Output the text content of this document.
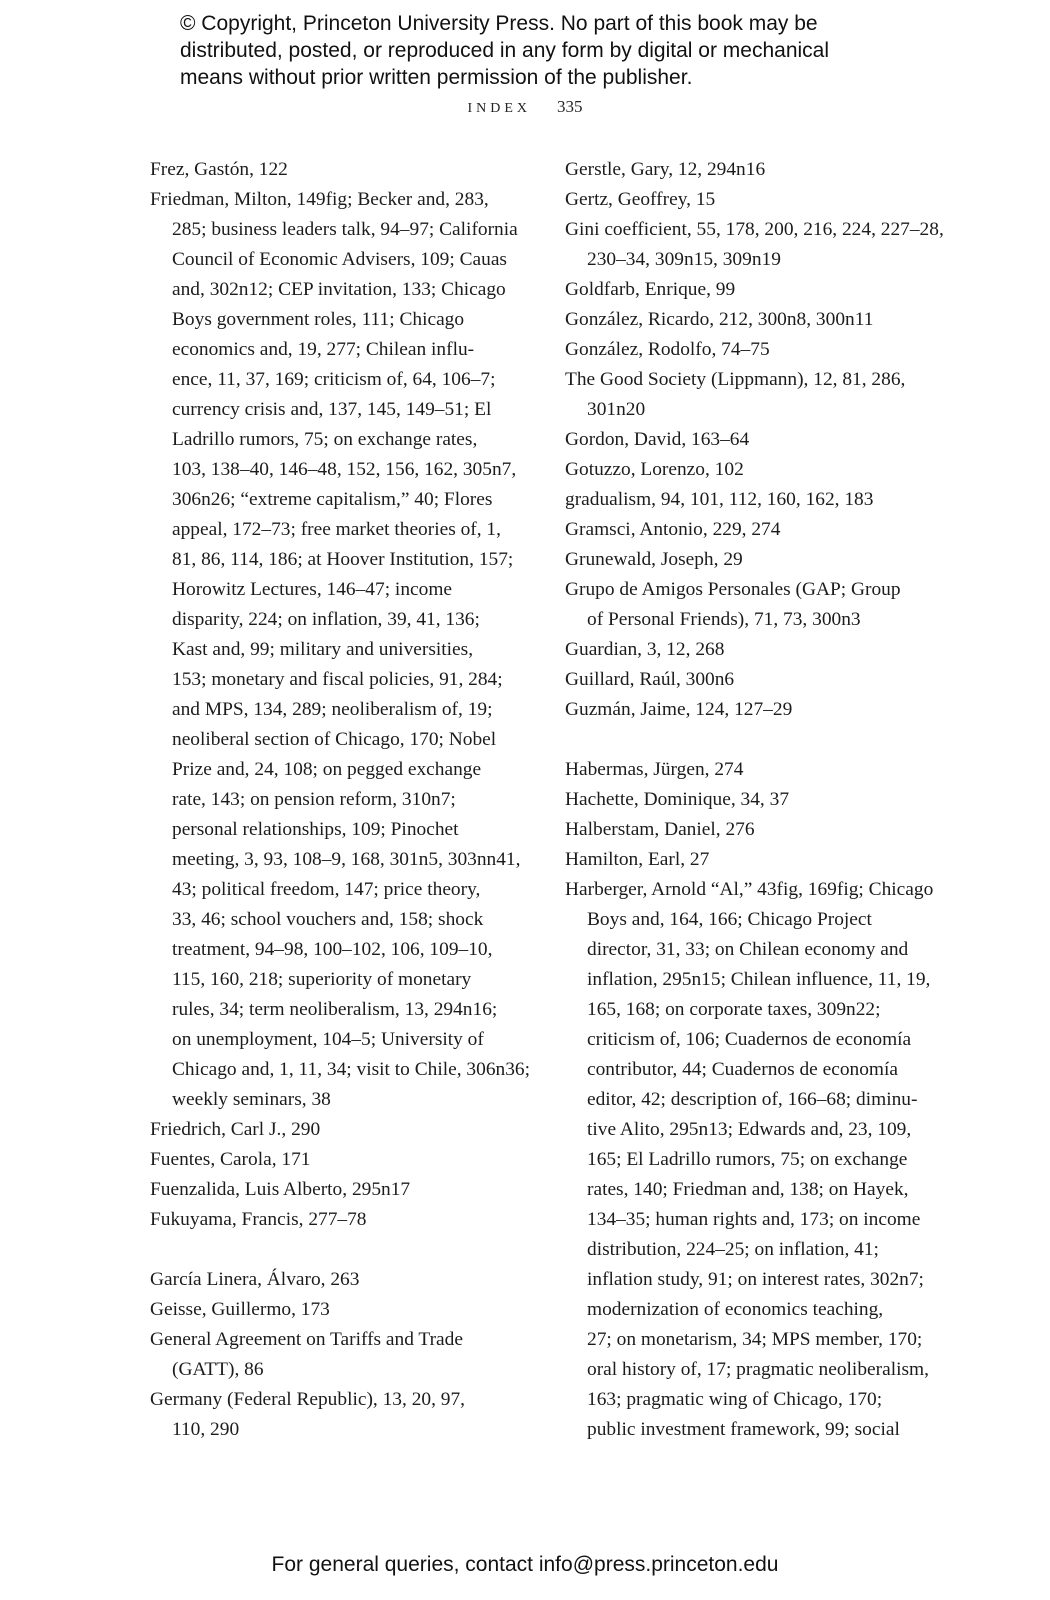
© Copyright, Princeton University Press. No part of this book may be
distributed, posted, or reproduced in any form by digital or mechanical
means without prior written permission of the publisher.
INDEX 335
Frez, Gastón, 122
Friedman, Milton, 149fig; Becker and, 283,
285; business leaders talk, 94–97; California
Council of Economic Advisers, 109; Cauas
and, 302n12; CEP invitation, 133; Chicago
Boys government roles, 111; Chicago
economics and, 19, 277; Chilean influ-
ence, 11, 37, 169; criticism of, 64, 106–7;
currency crisis and, 137, 145, 149–51; El
Ladrillo rumors, 75; on exchange rates,
103, 138–40, 146–48, 152, 156, 162, 305n7,
306n26; “extreme capitalism,” 40; Flores
appeal, 172–73; free market theories of, 1,
81, 86, 114, 186; at Hoover Institution, 157;
Horowitz Lectures, 146–47; income
disparity, 224; on inflation, 39, 41, 136;
Kast and, 99; military and universities,
153; monetary and fiscal policies, 91, 284;
and MPS, 134, 289; neoliberalism of, 19;
neoliberal section of Chicago, 170; Nobel
Prize and, 24, 108; on pegged exchange
rate, 143; on pension reform, 310n7;
personal relationships, 109; Pinochet
meeting, 3, 93, 108–9, 168, 301n5, 303nn41,
43; political freedom, 147; price theory,
33, 46; school vouchers and, 158; shock
treatment, 94–98, 100–102, 106, 109–10,
115, 160, 218; superiority of monetary
rules, 34; term neoliberalism, 13, 294n16;
on unemployment, 104–5; University of
Chicago and, 1, 11, 34; visit to Chile, 306n36;
weekly seminars, 38
Friedrich, Carl J., 290
Fuentes, Carola, 171
Fuenzalida, Luis Alberto, 295n17
Fukuyama, Francis, 277–78
García Linera, Álvaro, 263
Geisse, Guillermo, 173
General Agreement on Tariffs and Trade
(GATT), 86
Germany (Federal Republic), 13, 20, 97,
110, 290
Gerstle, Gary, 12, 294n16
Gertz, Geoffrey, 15
Gini coefficient, 55, 178, 200, 216, 224, 227–28,
230–34, 309n15, 309n19
Goldfarb, Enrique, 99
González, Ricardo, 212, 300n8, 300n11
González, Rodolfo, 74–75
The Good Society (Lippmann), 12, 81, 286,
301n20
Gordon, David, 163–64
Gotuzzo, Lorenzo, 102
gradualism, 94, 101, 112, 160, 162, 183
Gramsci, Antonio, 229, 274
Grunewald, Joseph, 29
Grupo de Amigos Personales (GAP; Group
of Personal Friends), 71, 73, 300n3
Guardian, 3, 12, 268
Guillard, Raúl, 300n6
Guzmán, Jaime, 124, 127–29
Habermas, Jürgen, 274
Hachette, Dominique, 34, 37
Halberstam, Daniel, 276
Hamilton, Earl, 27
Harberger, Arnold “Al,” 43fig, 169fig; Chicago
Boys and, 164, 166; Chicago Project
director, 31, 33; on Chilean economy and
inflation, 295n15; Chilean influence, 11, 19,
165, 168; on corporate taxes, 309n22;
criticism of, 106; Cuadernos de economía
contributor, 44; Cuadernos de economía
editor, 42; description of, 166–68; diminu-
tive Alito, 295n13; Edwards and, 23, 109,
165; El Ladrillo rumors, 75; on exchange
rates, 140; Friedman and, 138; on Hayek,
134–35; human rights and, 173; on income
distribution, 224–25; on inflation, 41;
inflation study, 91; on interest rates, 302n7;
modernization of economics teaching,
27; on monetarism, 34; MPS member, 170;
oral history of, 17; pragmatic neoliberalism,
163; pragmatic wing of Chicago, 170;
public investment framework, 99; social
For general queries, contact info@press.princeton.edu
